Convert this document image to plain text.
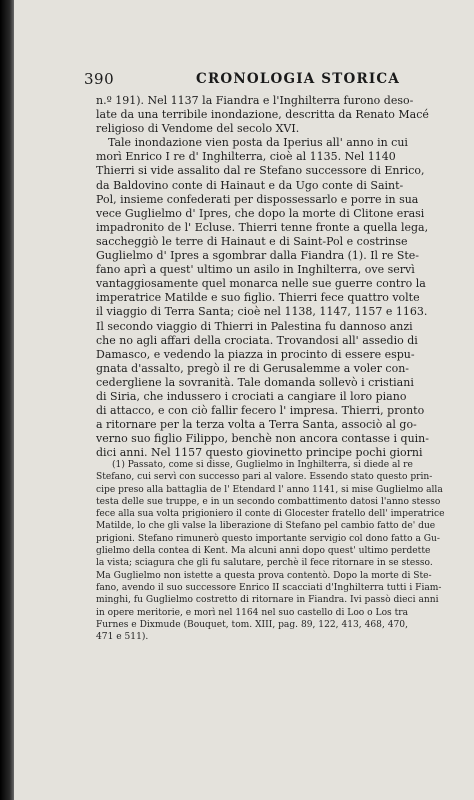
390	CRONOLOGIA STORICA
n.º 191). Nel 1137 la Fiandra e l'Inghilterra furono deso-
late da una terribile inondazione, descritta da Renato Macé
religioso di Vendome del secolo XVI.
Tale inondazione vien posta da Iperius all' anno in cui
morì Enrico I re d' Inghilterra, cioè al 1135. Nel 1140
Thierri si vide assalito dal re Stefano successore di Enrico,
da Baldovino conte di Hainaut e da Ugo conte di Saint-
Pol, insieme confederati per dispossessarlo e porre in sua
vece Guglielmo d' Ipres, che dopo la morte di Clitone erasi
impadronito de l' Ecluse. Thierri tenne fronte a quella lega,
saccheggiò le terre di Hainaut e di Saint-Pol e costrinse
Guglielmo d' Ipres a sgombrar dalla Fiandra (1). Il re Ste-
fano aprì a quest' ultimo un asilo in Inghilterra, ove servì
vantaggiosamente quel monarca nelle sue guerre contro la
imperatrice Matilde e suo figlio. Thierri fece quattro volte
il viaggio di Terra Santa; cioè nel 1138, 1147, 1157 e 1163.
Il secondo viaggio di Thierri in Palestina fu dannoso anzi
che no agli affari della crociata. Trovandosi all' assedio di
Damasco, e vedendo la piazza in procinto di essere espu-
gnata d'assalto, pregò il re di Gerusalemme a voler con-
cedergliene la sovranità. Tale domanda sollevò i cristiani
di Siria, che indussero i crociati a cangiare il loro piano
di attacco, e con ciò fallir fecero l' impresa. Thierri, pronto
a ritornare per la terza volta a Terra Santa, associò al go-
verno suo figlio Filippo, benchè non ancora contasse i quin-
dici anni. Nel 1157 questo giovinetto principe pochi giorni
(1) Passato, come si disse, Guglielmo in Inghilterra, si diede al re
Stefano, cui servì con successo pari al valore. Essendo stato questo prin-
cipe preso alla battaglia de l' Etendard l' anno 1141, si mise Guglielmo alla
testa delle sue truppe, e in un secondo combattimento datosi l'anno stesso
fece alla sua volta prigioniero il conte di Glocester fratello dell' imperatrice
Matilde, lo che gli valse la liberazione di Stefano pel cambio fatto de' due
prigioni. Stefano rimunerò questo importante servigio col dono fatto a Gu-
glielmo della contea di Kent. Ma alcuni anni dopo quest' ultimo perdette
la vista; sciagura che gli fu salutare, perchè il fece ritornare in se stesso.
Ma Guglielmo non istette a questa prova contentò. Dopo la morte di Ste-
fano, avendo il suo successore Enrico II scacciati d'Inghilterra tutti i Fiam-
minghi, fu Guglielmo costretto di ritornare in Fiandra. Ivi passò dieci anni
in opere meritorie, e morì nel 1164 nel suo castello di Loo o Los tra
Furnes e Dixmude (Bouquet, tom. XIII, pag. 89, 122, 413, 468, 470,
471 e 511).
